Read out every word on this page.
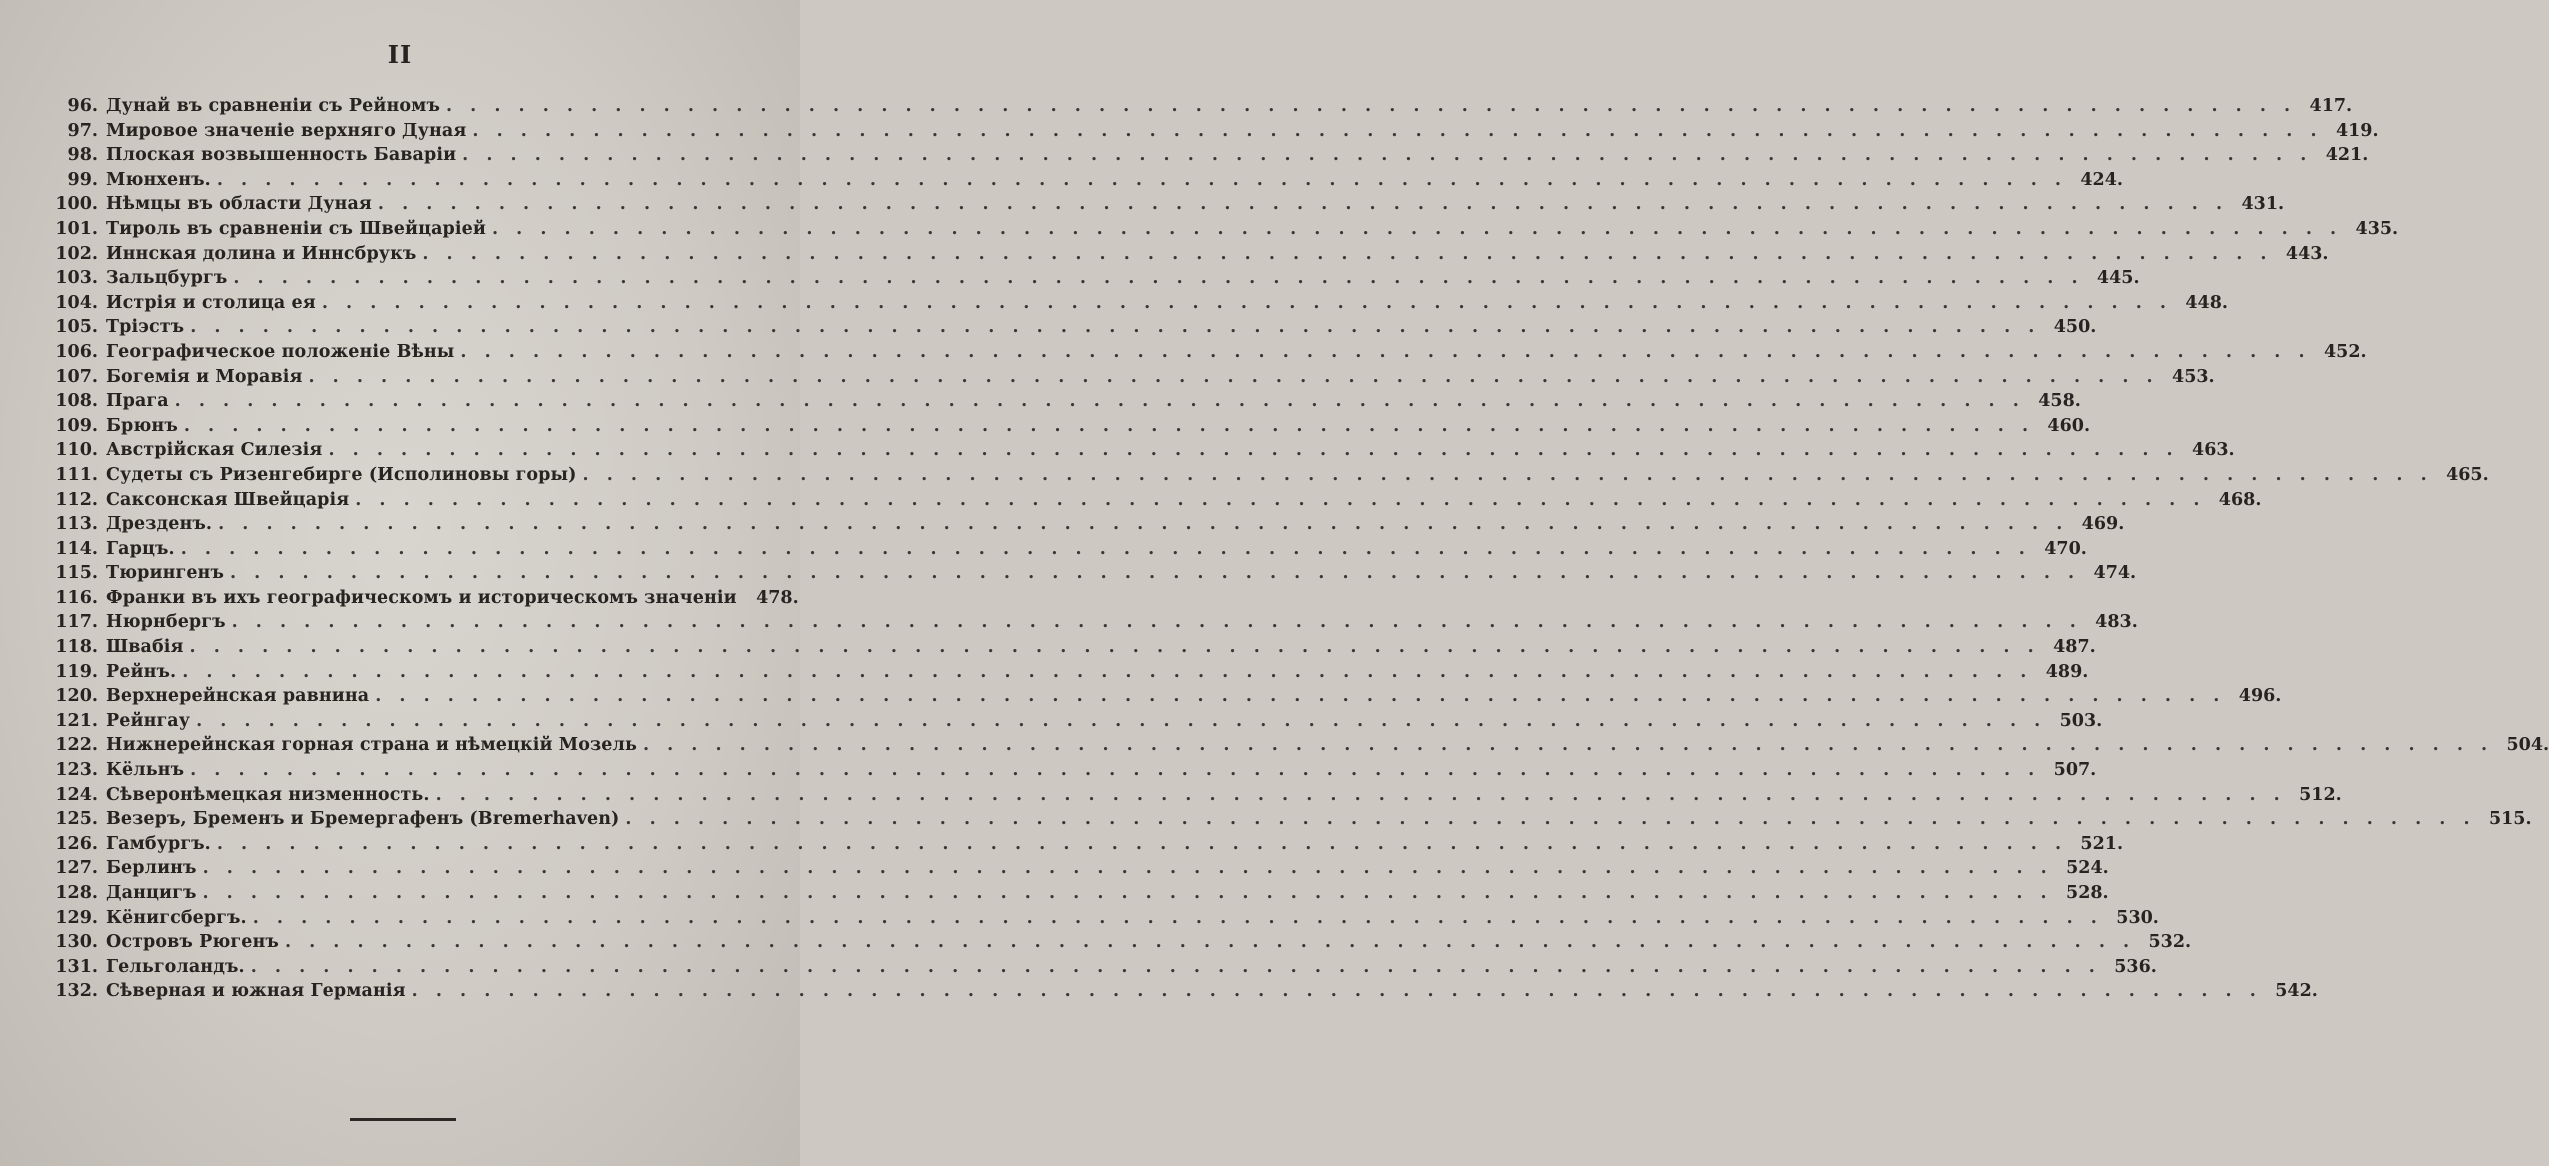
II
96. Дунай въ сравненіи съ Рейномъ . . .	417.
97. Мировое значеніе верхняго Дуная . . .	419.
98. Плоская возвышенность Баваріи . . .	421.
99. Мюнхенъ. . . .	424.
100. Нѣмцы въ области Дуная . . .	431.
101. Тироль въ сравненіи съ Швейцаріей . . .	435.
102. Иннская долина и Иннсбрукъ . . .	443.
103. Зальцбургъ . . .	445.
104. Истрія и столица ея . . .	448.
105. Тріэстъ . . .	450.
106. Географическое положеніе Вѣны . . .	452.
107. Богемія и Моравія . . .	453.
108. Прага . . .	458.
109. Брюнъ . . .	460.
110. Австрійская Силезія . . .	463.
111. Судеты съ Ризенгебирге (Исполиновы горы) . . .	465.
112. Саксонская Швейцарія . . .	468.
113. Дрезденъ. . . .	469.
114. Гарцъ. . . .	470.
115. Тюрингенъ . . .	474.
116. Франки въ ихъ географическомъ и историческомъ значеніи	478.
117. Нюрнбергъ . . .	483.
118. Швабія . . .	487.
119. Рейнъ. . . .	489.
120. Верхнерейнская равнина . . .	496.
121. Рейнгау . . .	503.
122. Нижнерейнская горная страна и нѣмецкій Мозель . . .	504.
123. Кёльнъ . . .	507.
124. Сѣверонѣмецкая низменность. . . .	512.
125. Везеръ, Бременъ и Бремергафенъ (Bremerhaven) . . .	515.
126. Гамбургъ. . . .	521.
127. Берлинъ . . .	524.
128. Данцигъ . . .	528.
129. Кёнигсбергъ. . . .	530.
130. Островъ Рюгенъ . . .	532.
131. Гельголандъ. . . .	536.
132. Сѣверная и южная Германія . . .	542.
